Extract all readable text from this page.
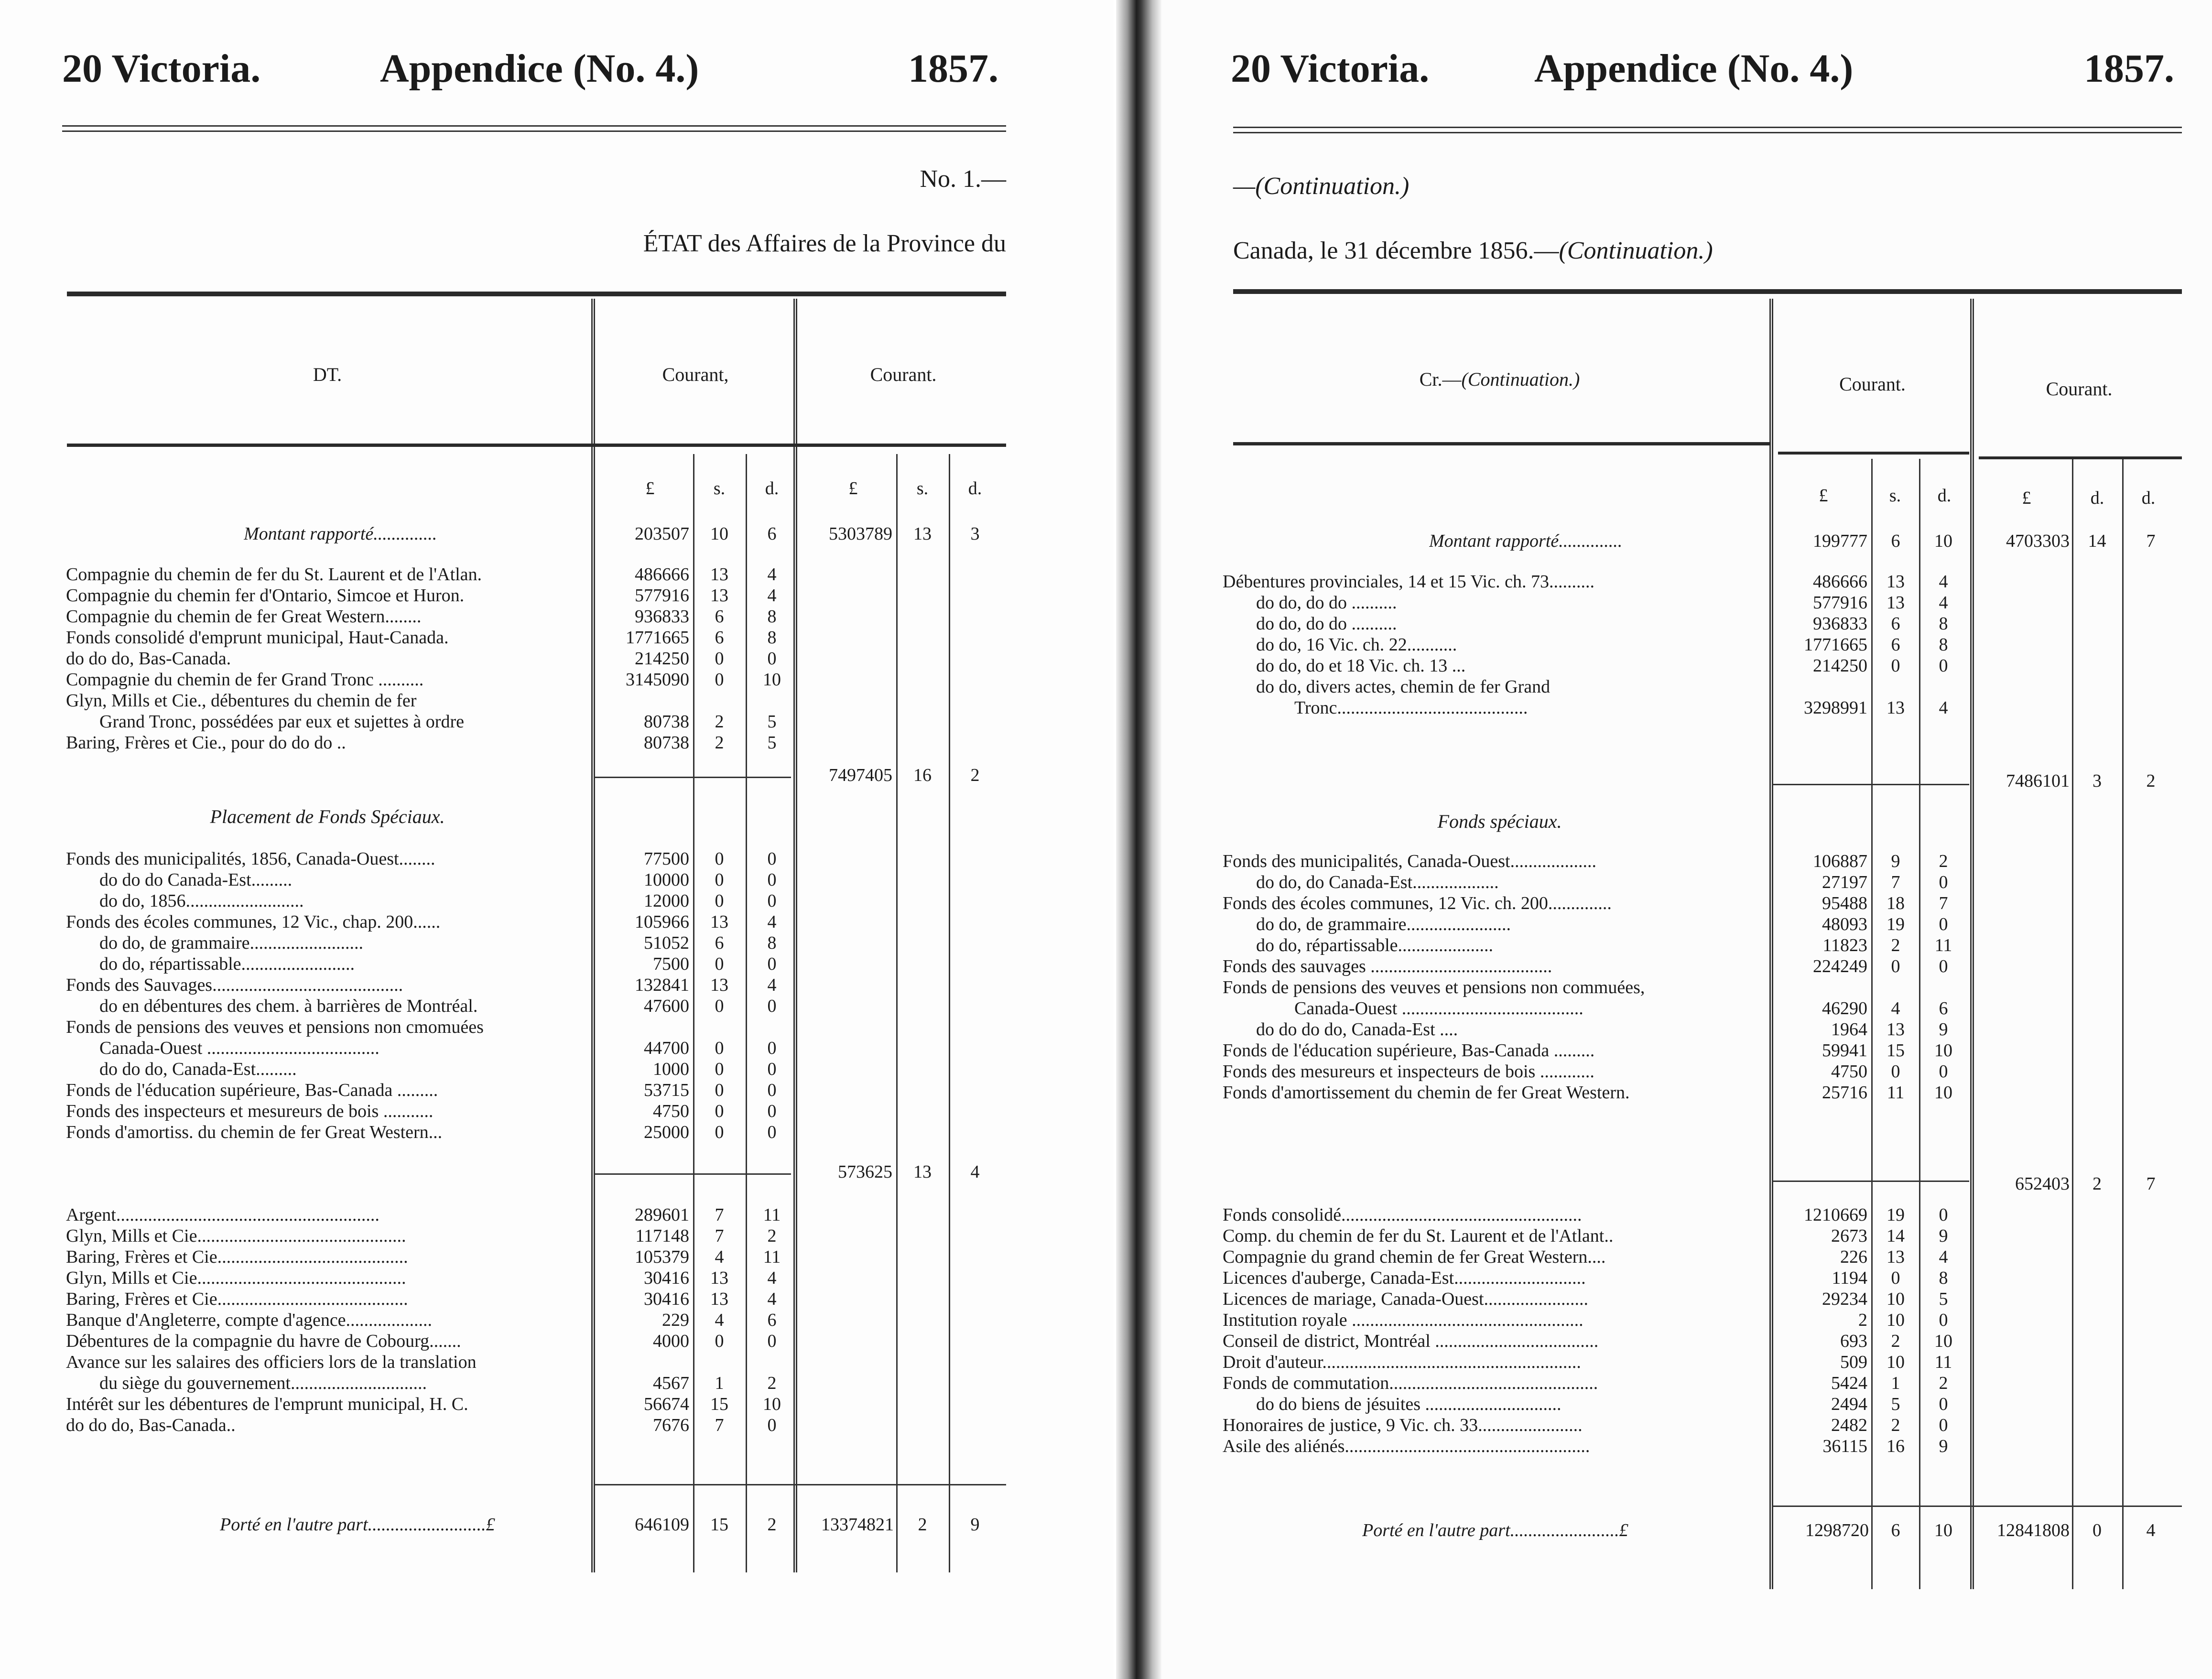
20 Victoria.	Appendice (No. 4.)	1857.
No. 1.—
ÉTAT des Affaires de la Province du
DT.	Courant,	Courant.
£	s.	d.	£	s.	d.
Montant rapporté..............	203507	10	6	5303789	13	3
Compagnie du chemin de fer du St. Laurent et de l'Atlan.	486666	13	4
Compagnie du chemin fer d'Ontario, Simcoe et Huron.	577916	13	4
Compagnie du chemin de fer Great Western........	936833	6	8
Fonds consolidé d'emprunt municipal, Haut-Canada.	1771665	6	8
do do do, Bas-Canada.	214250	0	0
Compagnie du chemin de fer Grand Tronc ..........	3145090	0	10
Glyn, Mills et Cie., débentures du chemin de fer
Grand Tronc, possédées par eux et sujettes à ordre	80738	2	5
Baring, Frères et Cie., pour do do do ..	80738	2	5
7497405	16	2
Placement de Fonds Spéciaux.
Fonds des municipalités, 1856, Canada-Ouest........	77500	0	0
do do do Canada-Est.........	10000	0	0
do do, 1856..........................	12000	0	0
Fonds des écoles communes, 12 Vic., chap. 200......	105966	13	4
do do, de grammaire.........................	51052	6	8
do do, répartissable.........................	7500	0	0
Fonds des Sauvages..........................................	132841	13	4
do en débentures des chem. à barrières de Montréal.	47600	0	0
Fonds de pensions des veuves et pensions non cmomuées
Canada-Ouest ......................................	44700	0	0
do do do, Canada-Est.........	1000	0	0
Fonds de l'éducation supérieure, Bas-Canada .........	53715	0	0
Fonds des inspecteurs et mesureurs de bois ...........	4750	0	0
Fonds d'amortiss. du chemin de fer Great Western...	25000	0	0
573625	13	4
Argent..........................................................	289601	7	11
Glyn, Mills et Cie..............................................	117148	7	2
Baring, Frères et Cie..........................................	105379	4	11
Glyn, Mills et Cie..............................................	30416	13	4
Baring, Frères et Cie..........................................	30416	13	4
Banque d'Angleterre, compte d'agence...................	229	4	6
Débentures de la compagnie du havre de Cobourg.......	4000	0	0
Avance sur les salaires des officiers lors de la translation
du siège du gouvernement..............................	4567	1	2
Intérêt sur les débentures de l'emprunt municipal, H. C.	56674	15	10
do do do, Bas-Canada..	7676	7	0
Porté en l'autre part..........................£	646109	15	2	13374821	2	9
20 Victoria.	Appendice (No. 4.)	1857.
—(Continuation.)
Canada, le 31 décembre 1856.—(Continuation.)
Cr.—(Continuation.)	Courant.	Courant.
£	s.	d.	£	d.	d.
Montant rapporté..............	199777	6	10	4703303	14	7
Débentures provinciales, 14 et 15 Vic. ch. 73..........	486666	13	4
do do, do do ..........	577916	13	4
do do, do do ..........	936833	6	8
do do, 16 Vic. ch. 22...........	1771665	6	8
do do, do et 18 Vic. ch. 13 ...	214250	0	0
do do, divers actes, chemin de fer Grand
Tronc..........................................	3298991	13	4
7486101	3	2
Fonds spéciaux.
Fonds des municipalités, Canada-Ouest...................	106887	9	2
do do, do Canada-Est...................	27197	7	0
Fonds des écoles communes, 12 Vic. ch. 200..............	95488	18	7
do do, de grammaire.......................	48093	19	0
do do, répartissable.....................	11823	2	11
Fonds des sauvages ........................................	224249	0	0
Fonds de pensions des veuves et pensions non commuées,
Canada-Ouest ........................................	46290	4	6
do do do do, Canada-Est ....	1964	13	9
Fonds de l'éducation supérieure, Bas-Canada .........	59941	15	10
Fonds des mesureurs et inspecteurs de bois ............	4750	0	0
Fonds d'amortissement du chemin de fer Great Western.	25716	11	10
652403	2	7
Fonds consolidé.....................................................	1210669	19	0
Comp. du chemin de fer du St. Laurent et de l'Atlant..	2673	14	9
Compagnie du grand chemin de fer Great Western....	226	13	4
Licences d'auberge, Canada-Est.............................	1194	0	8
Licences de mariage, Canada-Ouest.......................	29234	10	5
Institution royale ...................................................	2	10	0
Conseil de district, Montréal ....................................	693	2	10
Droit d'auteur.........................................................	509	10	11
Fonds de commutation..............................................	5424	1	2
do do biens de jésuites ..............................	2494	5	0
Honoraires de justice, 9 Vic. ch. 33.......................	2482	2	0
Asile des aliénés......................................................	36115	16	9
Porté en l'autre part........................£	1298720	6	10	12841808	0	4
